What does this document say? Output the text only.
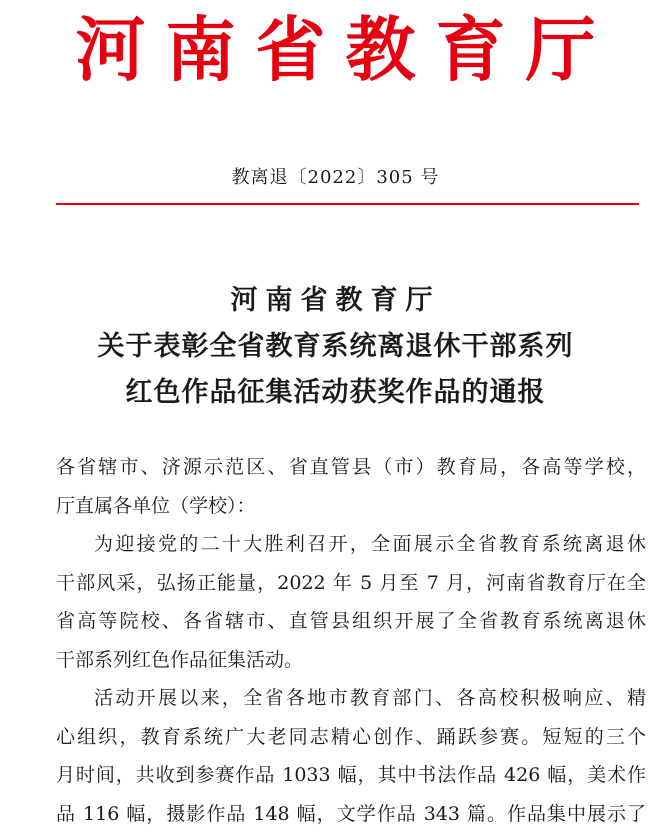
河南省教育厅
教离退〔2022〕305 号
河南省教育厅
关于表彰全省教育系统离退休干部系列
红色作品征集活动获奖作品的通报

各省辖市、济源示范区、省直管县（市）教育局，各高等学校，
厅直属各单位（学校）：

为迎接党的二十大胜利召开，全面展示全省教育系统离退休

干部风采，弘扬正能量，2022 年 5 月至 7 月，河南省教育厅在全
省高等院校、各省辖市、直管县组织开展了全省教育系统离退休
干部系列红色作品征集活动。

活动开展以来，全省各地市教育部门、各高校积极响应、精

心组织，教育系统广大老同志精心创作、踊跃参赛。短短的三个
月时间，共收到参赛作品 1033 幅，其中书法作品 426 幅，美术作
品 116 幅，摄影作品 148 幅，文学作品 343 篇。作品集中展示了
